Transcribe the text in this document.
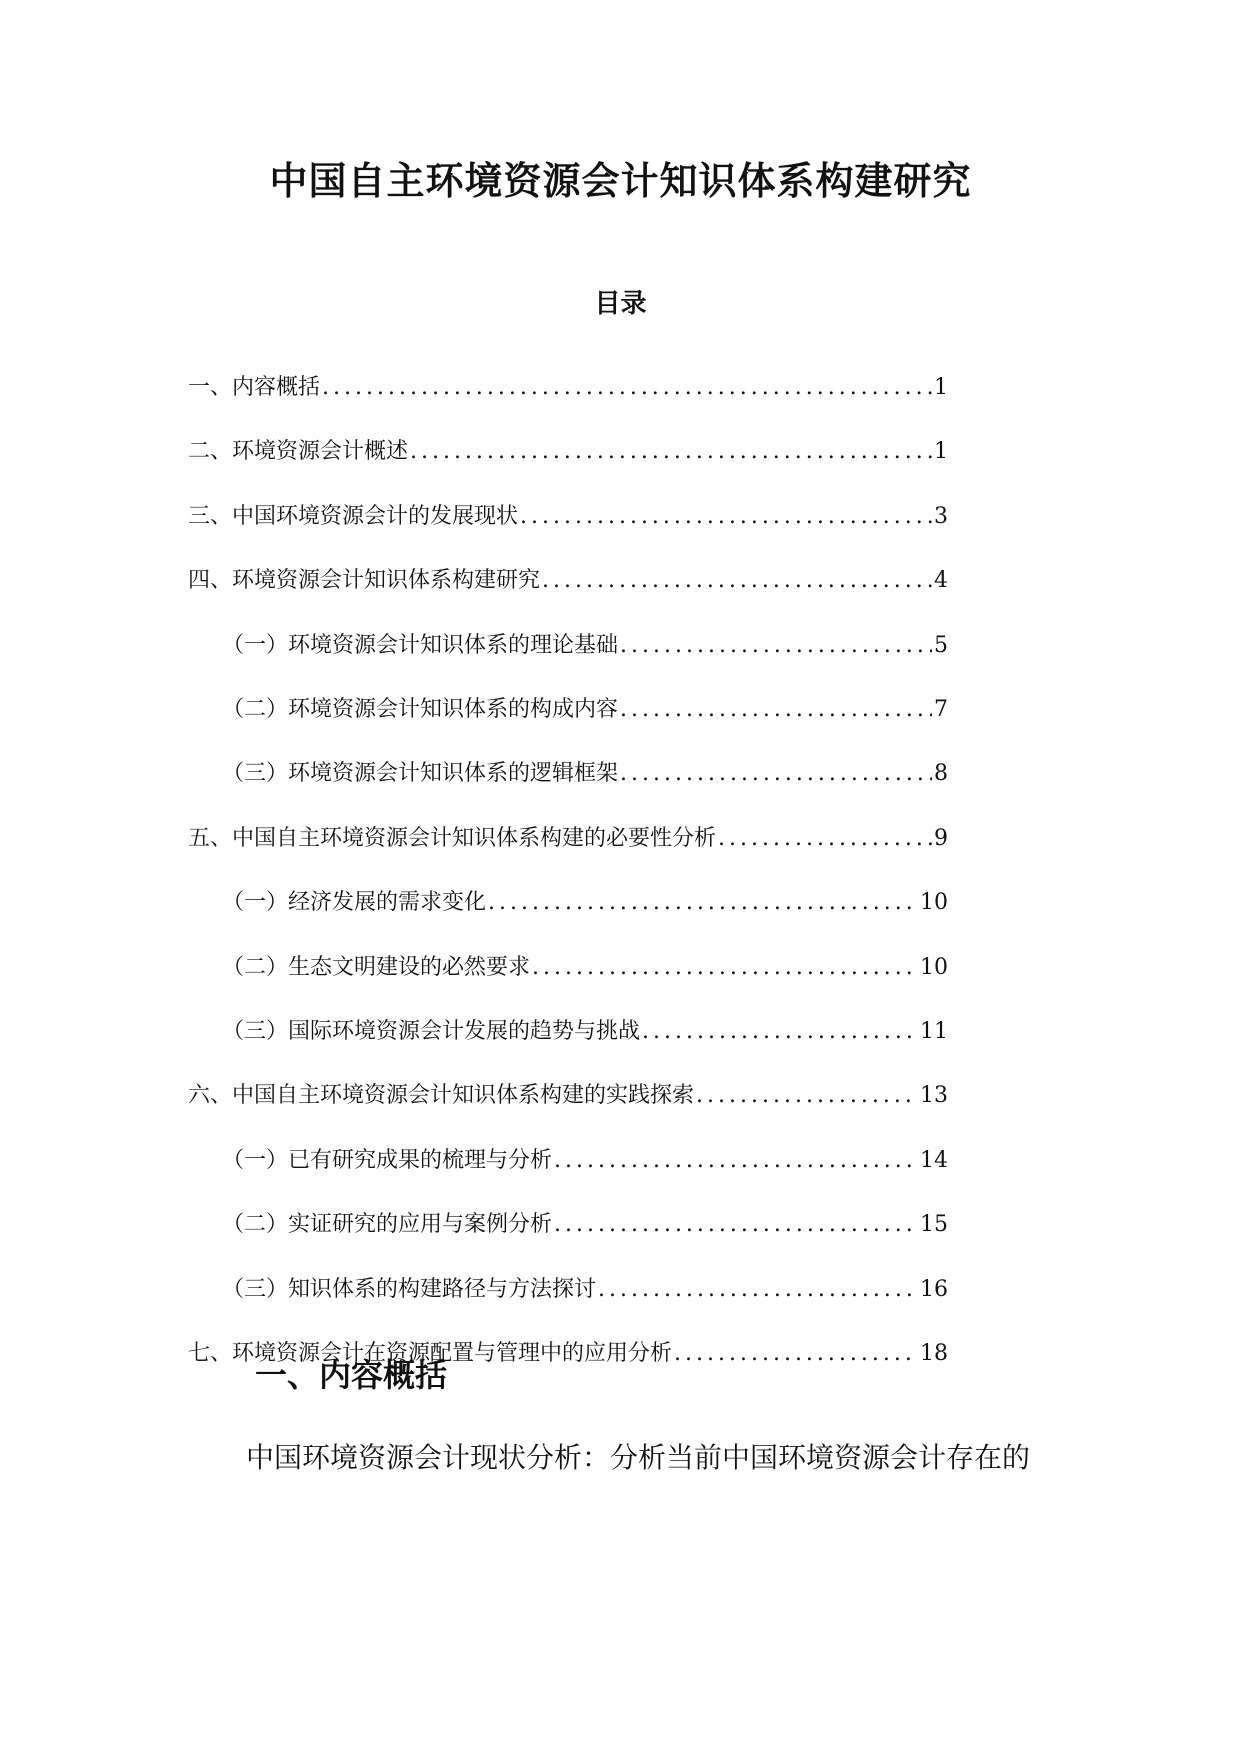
中国自主环境资源会计知识体系构建研究
目录
一、内容概括 .....	1
二、环境资源会计概述 .....	1
三、中国环境资源会计的发展现状 .....	3
四、环境资源会计知识体系构建研究 .....	4
（一）环境资源会计知识体系的理论基础 .....	5
（二）环境资源会计知识体系的构成内容 .....	7
（三）环境资源会计知识体系的逻辑框架 .....	8
五、中国自主环境资源会计知识体系构建的必要性分析 .....	9
（一）经济发展的需求变化 .....	10
（二）生态文明建设的必然要求 .....	10
（三）国际环境资源会计发展的趋势与挑战 .....	11
六、中国自主环境资源会计知识体系构建的实践探索 .....	13
（一）已有研究成果的梳理与分析 .....	14
（二）实证研究的应用与案例分析 .....	15
（三）知识体系的构建路径与方法探讨 .....	16
七、环境资源会计在资源配置与管理中的应用分析 .....	18
一、内容概括
中国环境资源会计现状分析：分析当前中国环境资源会计存在的
